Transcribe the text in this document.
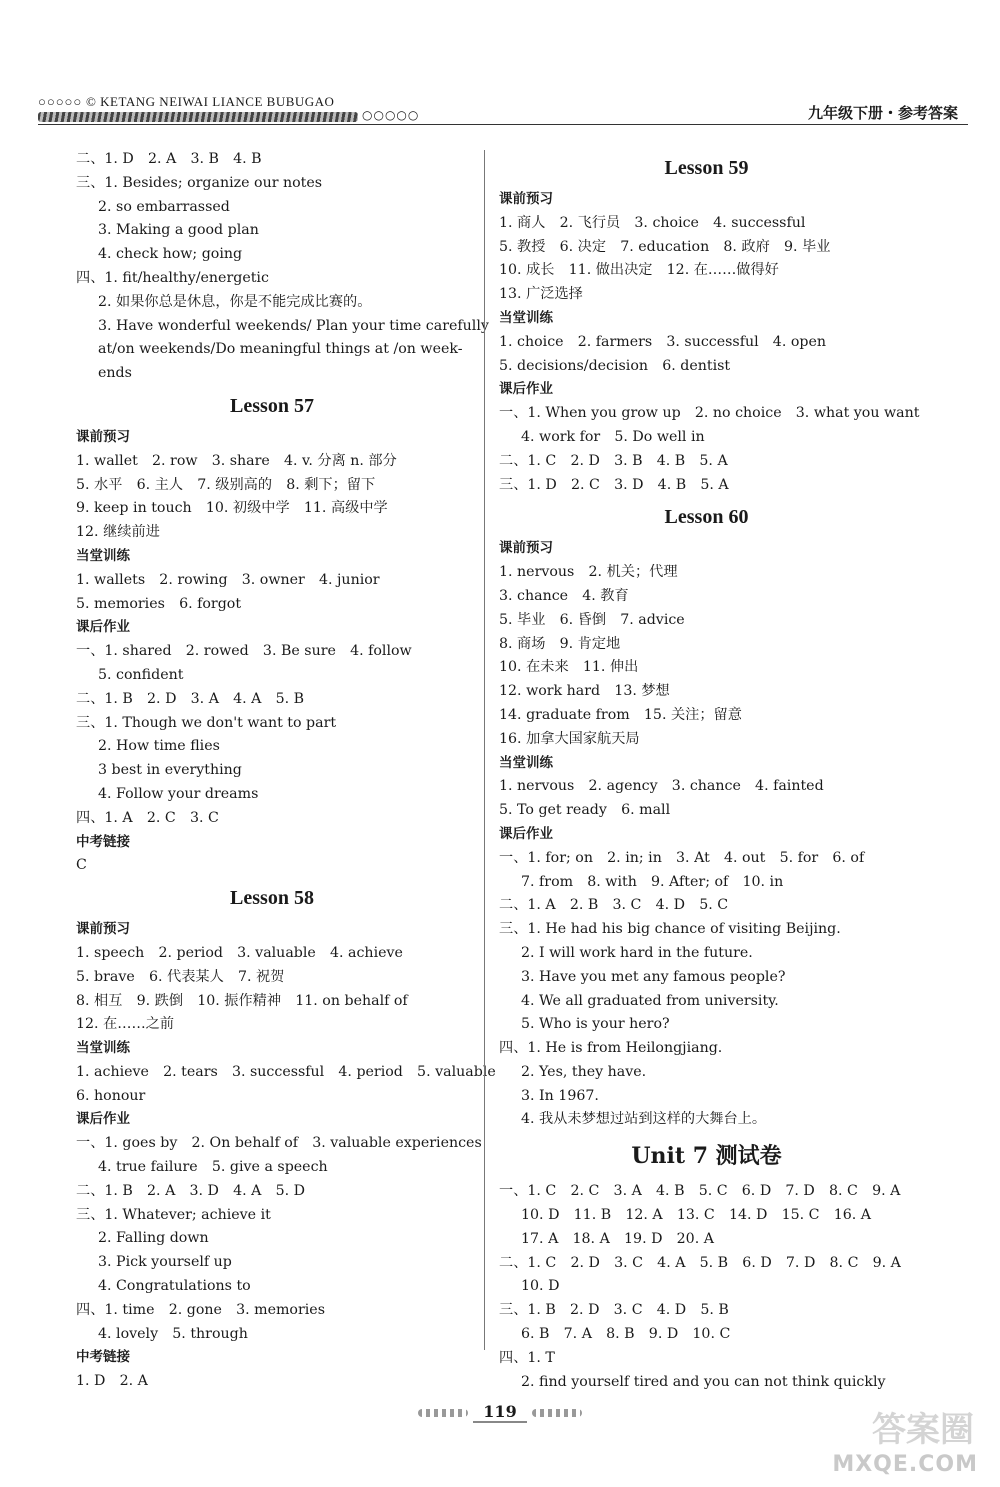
○○○○○ © KETANG NEIWAI LIANCE BUBUGAO
○○○○○	九年级下册・参考答案
二、1. D　2. A　3. B　4. B
三、1. Besides; organize our notes
2. so embarrassed
3. Making a good plan
4. check how; going
四、1. fit/healthy/energetic
2. 如果你总是休息，你是不能完成比赛的。
3. Have wonderful weekends/ Plan your time carefully
at/on weekends/Do meaningful things at /on week-
ends
Lesson 57
课前预习
1. wallet　2. row　3. share　4. v. 分离 n. 部分
5. 水平　6. 主人　7. 级别高的　8. 剩下；留下
9. keep in touch　10. 初级中学　11. 高级中学
12. 继续前进
当堂训练
1. wallets　2. rowing　3. owner　4. junior
5. memories　6. forgot
课后作业
一、1. shared　2. rowed　3. Be sure　4. follow
5. confident
二、1. B　2. D　3. A　4. A　5. B
三、1. Though we don't want to part
2. How time flies
3 best in everything
4. Follow your dreams
四、1. A　2. C　3. C
中考链接
C
Lesson 58
课前预习
1. speech　2. period　3. valuable　4. achieve
5. brave　6. 代表某人　7. 祝贺
8. 相互　9. 跌倒　10. 振作精神　11. on behalf of
12. 在……之前
当堂训练
1. achieve　2. tears　3. successful　4. period　5. valuable
6. honour
课后作业
一、1. goes by　2. On behalf of　3. valuable experiences
4. true failure　5. give a speech
二、1. B　2. A　3. D　4. A　5. D
三、1. Whatever; achieve it
2. Falling down
3. Pick yourself up
4. Congratulations to
四、1. time　2. gone　3. memories
4. lovely　5. through
中考链接
1. D　2. A
Lesson 59
课前预习
1. 商人　2. 飞行员　3. choice　4. successful
5. 教授　6. 决定　7. education　8. 政府　9. 毕业
10. 成长　11. 做出决定　12. 在……做得好
13. 广泛选择
当堂训练
1. choice　2. farmers　3. successful　4. open
5. decisions/decision　6. dentist
课后作业
一、1. When you grow up　2. no choice　3. what you want
4. work for　5. Do well in
二、1. C　2. D　3. B　4. B　5. A
三、1. D　2. C　3. D　4. B　5. A
Lesson 60
课前预习
1. nervous　2. 机关；代理
3. chance　4. 教育
5. 毕业　6. 昏倒　7. advice
8. 商场　9. 肯定地
10. 在未来　11. 伸出
12. work hard　13. 梦想
14. graduate from　15. 关注；留意
16. 加拿大国家航天局
当堂训练
1. nervous　2. agency　3. chance　4. fainted
5. To get ready　6. mall
课后作业
一、1. for; on　2. in; in　3. At　4. out　5. for　6. of
7. from　8. with　9. After; of　10. in
二、1. A　2. B　3. C　4. D　5. C
三、1. He had his big chance of visiting Beijing.
2. I will work hard in the future.
3. Have you met any famous people?
4. We all graduated from university.
5. Who is your hero?
四、1. He is from Heilongjiang.
2. Yes, they have.
3. In 1967.
4. 我从未梦想过站到这样的大舞台上。
Unit 7 测试卷
一、1. C　2. C　3. A　4. B　5. C　6. D　7. D　8. C　9. A
10. D　11. B　12. A　13. C　14. D　15. C　16. A
17. A　18. A　19. D　20. A
二、1. C　2. D　3. C　4. A　5. B　6. D　7. D　8. C　9. A
10. D
三、1. B　2. D　3. C　4. D　5. B
6. B　7. A　8. B　9. D　10. C
四、1. T
2. find yourself tired and you can not think quickly
119	答案圈
MXQE.COM
